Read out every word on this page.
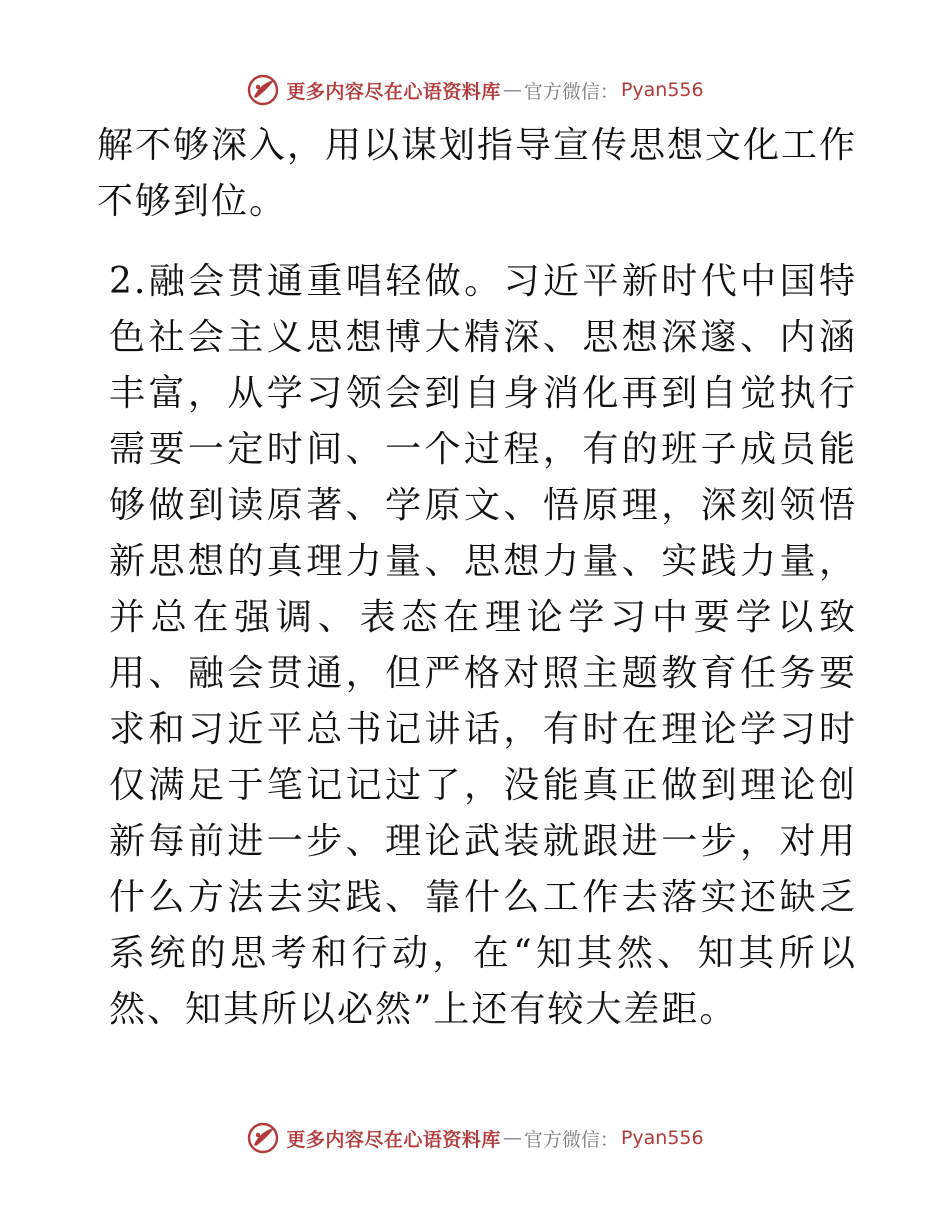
更多内容尽在心语资料库 — 官方微信： Pyan556

解不够深入，用以谋划指导宣传思想文化工作不够到位。

2.融会贯通重唱轻做。习近平新时代中国特色社会主义思想博大精深、思想深邃、内涵丰富，从学习领会到自身消化再到自觉执行需要一定时间、一个过程，有的班子成员能够做到读原著、学原文、悟原理，深刻领悟新思想的真理力量、思想力量、实践力量，并总在强调、表态在理论学习中要学以致用、融会贯通，但严格对照主题教育任务要求和习近平总书记讲话，有时在理论学习时仅满足于笔记记过了，没能真正做到理论创新每前进一步、理论武装就跟进一步，对用什么方法去实践、靠什么工作去落实还缺乏系统的思考和行动，在“知其然、知其所以然、知其所以必然”上还有较大差距。

更多内容尽在心语资料库 — 官方微信： Pyan556
